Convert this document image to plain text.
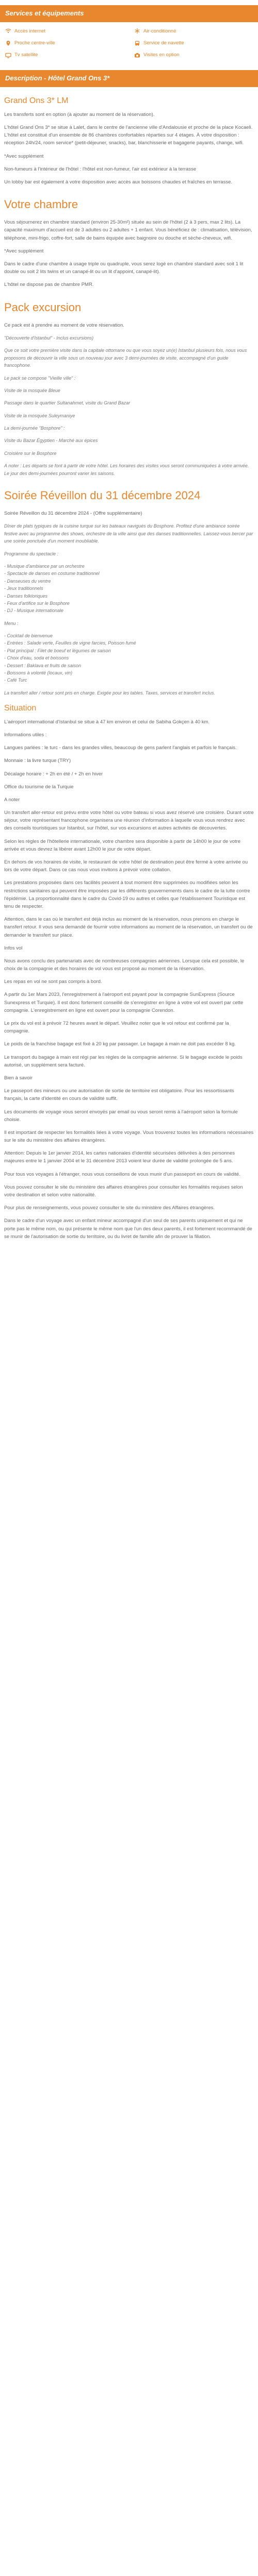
Services et équipements
Accès internet	Air-conditionné
Proche centre-ville	Service de navette
Tv satellite	Visites en option
Description - Hôtel Grand Ons 3*
Grand Ons 3* LM

Les transferts sont en option (à ajouter au moment de la réservation).

L'hôtel Grand Ons 3* se situe à Lalet, dans le centre de l'ancienne ville d'Andalousie et proche de la place Kocaeli. L'hôtel est constitué d'un ensemble de 86 chambres confortables réparties sur 4 étages. À votre disposition : réception 24h/24, room service* (petit-déjeuner, snacks), bar, blanchisserie et bagagerie payants, change, wifi.

*Avec supplément

Non-fumeurs à l'intérieur de l'hôtel : l'hôtel est non-fumeur, l'air est extérieur à la terrasse

Un lobby bar est également à votre disposition avec accès aux boissons chaudes et fraîches en terrasse.

Votre chambre

Vous séjournerez en chambre standard (environ 25-30m²) située au sein de l'hôtel (2 à 3 pers, max 2 lits). La capacité maximum d'accueil est de 3 adultes ou 2 adultes + 1 enfant. Vous bénéficiez de : climatisation, télévision, téléphone, mini-frigo, coffre-fort, salle de bains équipée avec baignoire ou douche et sèche-cheveux, wifi.

*Avec supplément

Dans le cadre d'une chambre à usage triple ou quadruple, vous serez logé en chambre standard avec soit 1 lit double ou soit 2 lits twins et un canapé-lit ou un lit d'appoint, canapé-lit).

L'hôtel ne dispose pas de chambre PMR.

Pack excursion

Ce pack est à prendre au moment de votre réservation.

"Découverte d'Istanbul" - Inclus excursions)

Que ce soit votre première visite dans la capitale ottomane ou que vous soyez un(e) Istanbul plusieurs fois, nous vous proposons de découvrir la ville sous un nouveau jour avec 3 demi-journées de visite, accompagné d'un guide francophone.

Le pack se compose "Vieille ville" :

Visite de la mosquée Bleue

Passage dans le quartier Sultanahmet, visite du Grand Bazar

Visite de la mosquée Suleymaniye

La demi-journée "Bosphore" :

Visite du Bazar Égyptien - Marché aux épices

Croisière sur le Bosphore

A noter : Les départs se font à partir de votre hôtel. Les horaires des visites vous seront communiquées à votre arrivée. Le jour des demi-journées pourront varier les saisons.

Soirée Réveillon du 31 décembre 2024

Soirée Réveillon du 31 décembre 2024 - (Offre supplémentaire)

Dîner de plats typiques de la cuisine turque sur les bateaux navigués du Bosphore. Profitez d'une ambiance soirée festive avec au programme des shows, orchestre de la ville ainsi que des danses traditionnelles. Laissez-vous bercer par une soirée ponctuée d'un moment inoubliable.

Programme du spectacle :

- Musique d'ambiance par un orchestre
- Spectacle de danses en costume traditionnel
- Danseuses du ventre
- Jeux traditionnels
- Danses folkloriques
- Feux d'artifice sur le Bosphore
- DJ - Musique internationale

Menu :

- Cocktail de bienvenue
- Entrées : Salade verte, Feuilles de vigne farcies, Poisson fumé
- Plat principal : Filet de boeuf et légumes de saison
- Choix d'eau, soda et boissons
- Dessert : Baklava et fruits de saison
- Boissons à volonté (locaux, vin)
- Café Turc

La transfert aller / retour sont pris en charge. Exigée pour les tables. Taxes, services et transfert inclus.

Situation

L'aéroport international d'Istanbul se situe à 47 km environ et celui de Sabiha Gokçen à 40 km.

Informations utiles :

Langues parlées : le turc - dans les grandes villes, beaucoup de gens parlent l'anglais et parfois le français.

Monnaie : la livre turque (TRY)

Décalage horaire : + 2h en été / + 2h en hiver

Office du tourisme de la Turquie

A noter

Un transfert aller-retour est prévu entre votre hôtel ou votre bateau si vous avez réservé une croisière. Durant votre séjour, votre représentant francophone organisera une réunion d'information à laquelle vous vous rendrez avec des conseils touristiques sur Istanbul, sur l'hôtel, sur vos excursions et autres activités de découvertes.

Selon les règles de l'hôtellerie internationale, votre chambre sera disponible à partir de 14h00 le jour de votre arrivée et vous devrez la libérer avant 12h00 le jour de votre départ.

En dehors de vos horaires de visite, le restaurant de votre hôtel de destination peut être fermé à votre arrivée ou lors de votre départ. Dans ce cas nous vous invitons à prévoir votre collation.

Les prestations proposées dans ces facilités peuvent à tout moment être supprimées ou modifiées selon les restrictions sanitaires qui peuvent être imposées par les différents gouvernements dans le cadre de la lutte contre l'épidémie. La proportionnalité dans le cadre du Covid-19 ou autres et celles que l'établissement Touristique est tenu de respecter.

Attention, dans le cas où le transfert est déjà inclus au moment de la réservation, nous prenons en charge le transfert retour. Il vous sera demandé de fournir votre informations au moment de la réservation, un transfert ou de demander le transfert sur place.

Infos vol

Nous avons conclu des partenariats avec de nombreuses compagnies aériennes. Lorsque cela est possible, le choix de la compagnie et des horaires de vol vous est proposé au moment de la réservation.

Les repas en vol ne sont pas compris à bord.

A partir du 1er Mars 2023, l'enregistrement à l'aéroport est payant pour la compagnie SunExpress (Source Sunexpress et Turquie). Il est donc fortement conseillé de s'enregistrer en ligne à votre vol est ouvert par cette compagnie. L'enregistrement en ligne est ouvert pour la compagnie Corendon.

Le prix du vol est à prévoir 72 heures avant le départ. Veuillez noter que le vol retour est confirmé par la compagnie.

Le poids de la franchise bagage est fixé à 20 kg par passager. Le bagage à main ne doit pas excéder 8 kg.

Le transport du bagage à main est régi par les règles de la compagnie aérienne. Si le bagage excède le poids autorisé, un supplément sera facturé.

Bien à savoir

Le passeport des mineurs ou une autorisation de sortie de territoire est obligatoire. Pour les ressortissants français, la carte d'identité en cours de validité suffit.

Les documents de voyage vous seront envoyés par email ou vous seront remis à l'aéroport selon la formule choisie.

Il est important de respecter les formalités liées à votre voyage. Vous trouverez toutes les informations nécessaires sur le site du ministère des affaires étrangères.

Attention: Depuis le 1er janvier 2014, les cartes nationales d'identité sécurisées délivrées à des personnes majeures entre le 1 janvier 2004 et le 31 décembre 2013 voient leur durée de validité prolongée de 5 ans.

Pour tous vos voyages à l'étranger, nous vous conseillons de vous munir d'un passeport en cours de validité.

Vous pouvez consulter le site du ministère des affaires étrangères pour consulter les formalités requises selon votre destination et selon votre nationalité.

Pour plus de renseignements, vous pouvez consulter le site du ministère des Affaires étrangères.

Dans le cadre d'un voyage avec un enfant mineur accompagné d'un seul de ses parents uniquement et qui ne porte pas le même nom, ou qui présente le même nom que l'un des deux parents, il est fortement recommandé de se munir de l'autorisation de sortie du territoire, ou du livret de famille afin de prouver la filiation.
